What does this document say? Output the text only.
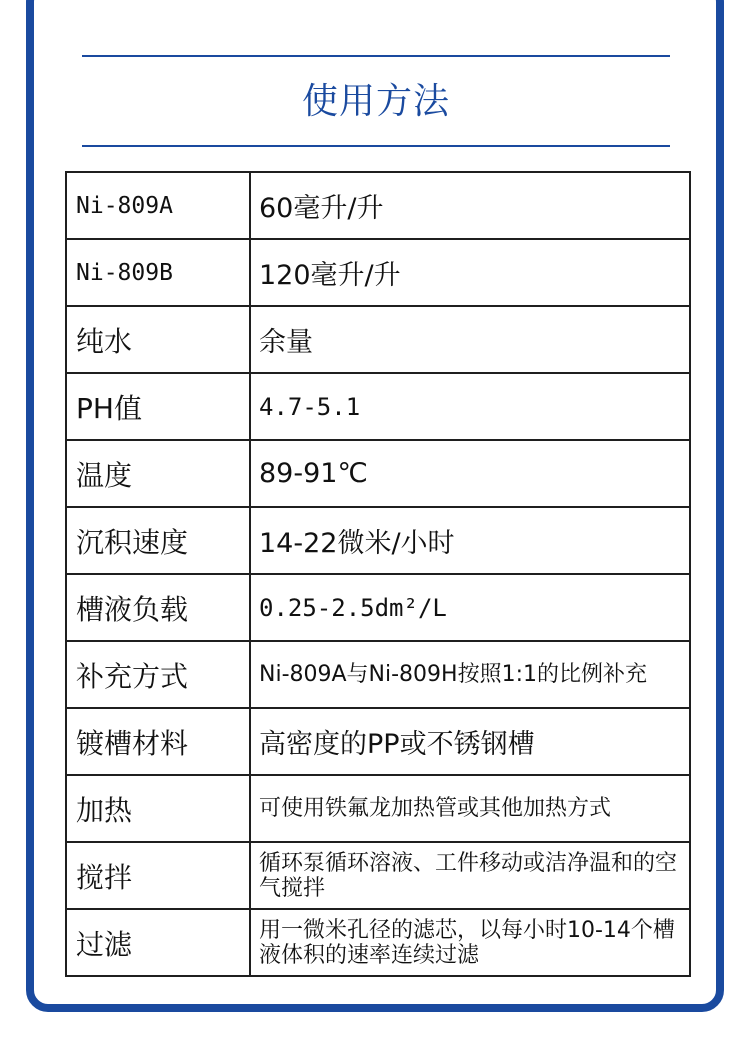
使用方法
Ni-809A	60毫升/升
Ni-809B	120毫升/升
纯水	余量
PH值	4.7-5.1
温度	89-91℃
沉积速度	14-22微米/小时
槽液负载	0.25-2.5dm²/L
补充方式	Ni-809A与Ni-809H按照1:1的比例补充
镀槽材料	高密度的PP或不锈钢槽
加热	可使用铁氟龙加热管或其他加热方式
搅拌	循环泵循环溶液、工件移动或洁净温和的空气搅拌
过滤	用一微米孔径的滤芯，以每小时10-14个槽液体积的速率连续过滤
